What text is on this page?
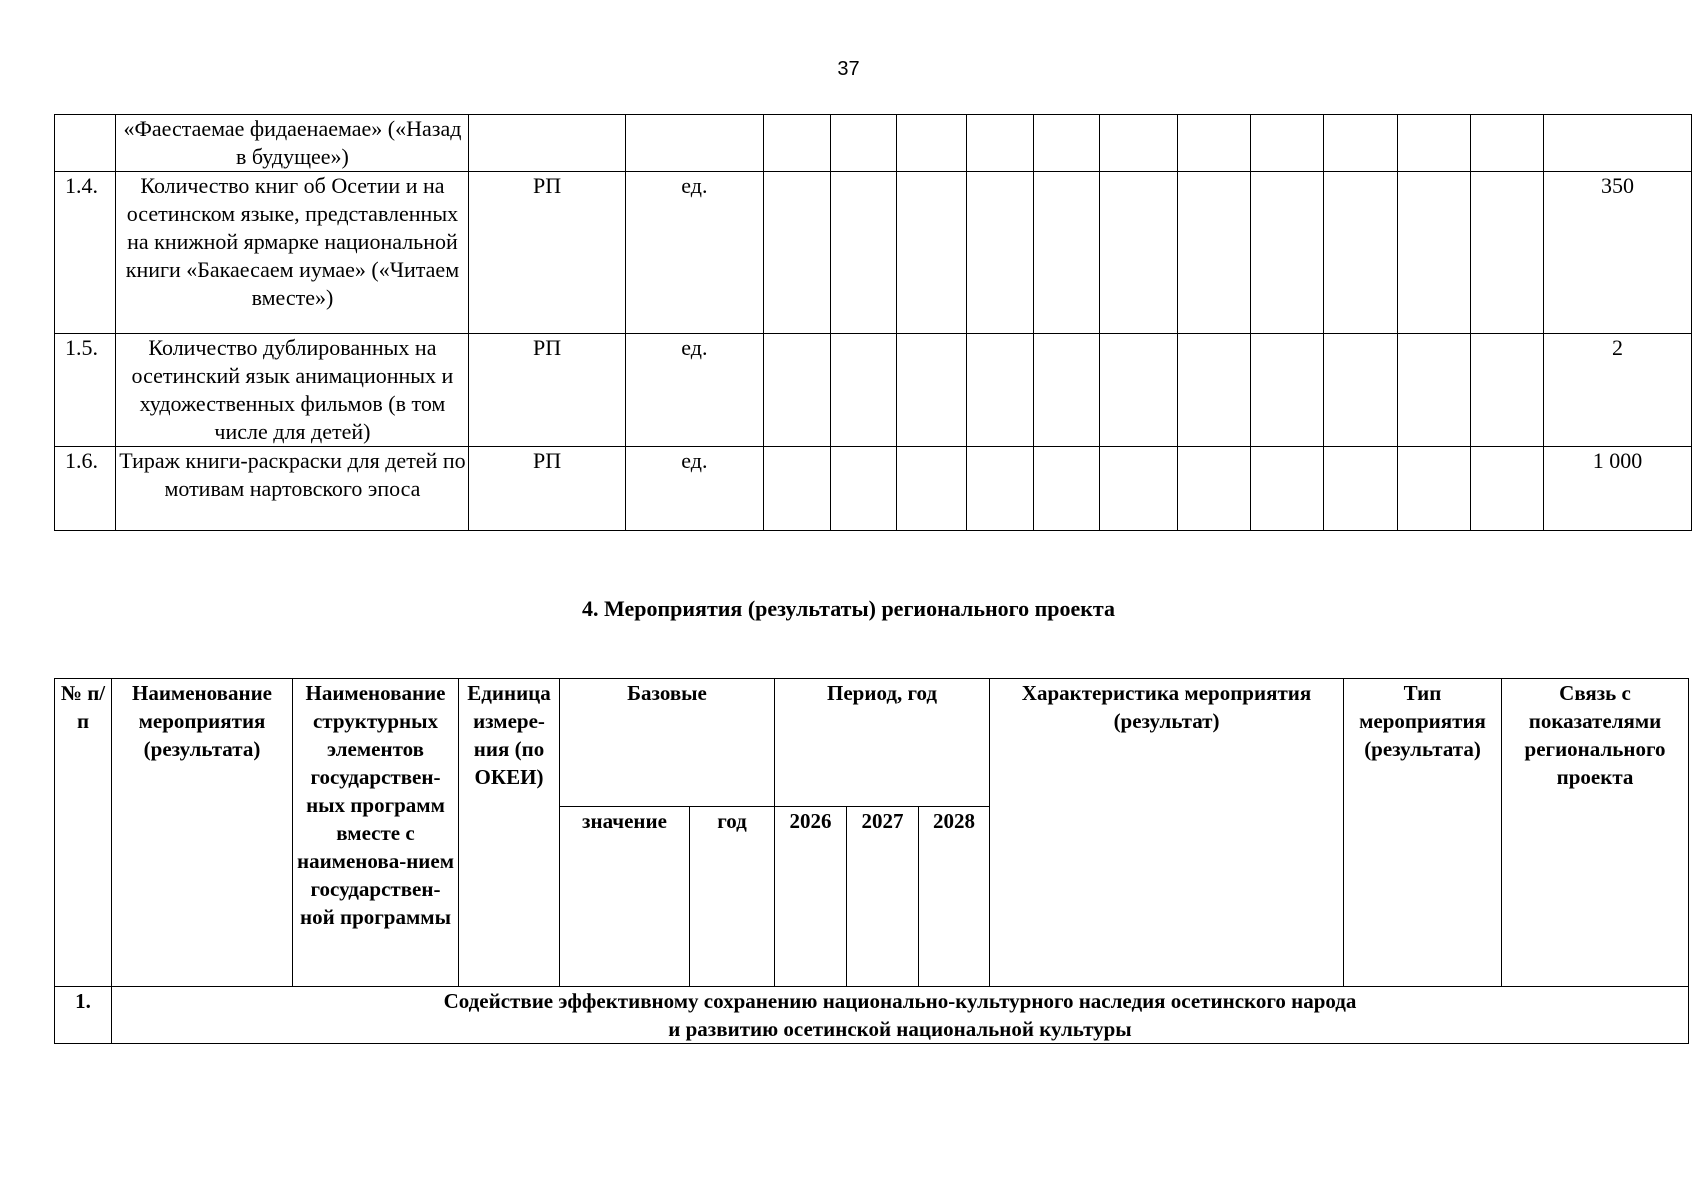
37
	«Фаестаемае фидаенаемае» («Назад в будущее»)														
1.4.	Количество книг об Осетии и на осетинском языке, представленных на книжной ярмарке национальной книги «Бакаесаем иумае» («Читаем вместе»)	РП	ед.												350
1.5.	Количество дублированных на осетинский язык анимационных и художественных фильмов (в том числе для детей)	РП	ед.												2
1.6.	Тираж книги-раскраски для детей по мотивам нартовского эпоса	РП	ед.												1 000
4. Мероприятия (результаты) регионального проекта
№ п/п	Наименование мероприятия (результата)	Наименование структурных элементов государствен-ных программ вместе с наименова-нием государствен-ной программы	Единица измере-ния (по ОКЕИ)	Базовые		Период, год			Характеристика мероприятия (результат)	Тип мероприятия (результата)	Связь с показателями регионального проекта
				значение	год	2026	2027	2028			
1.	Содействие эффективному сохранению национально-культурного наследия осетинского народа
и развитию осетинской национальной культуры										
